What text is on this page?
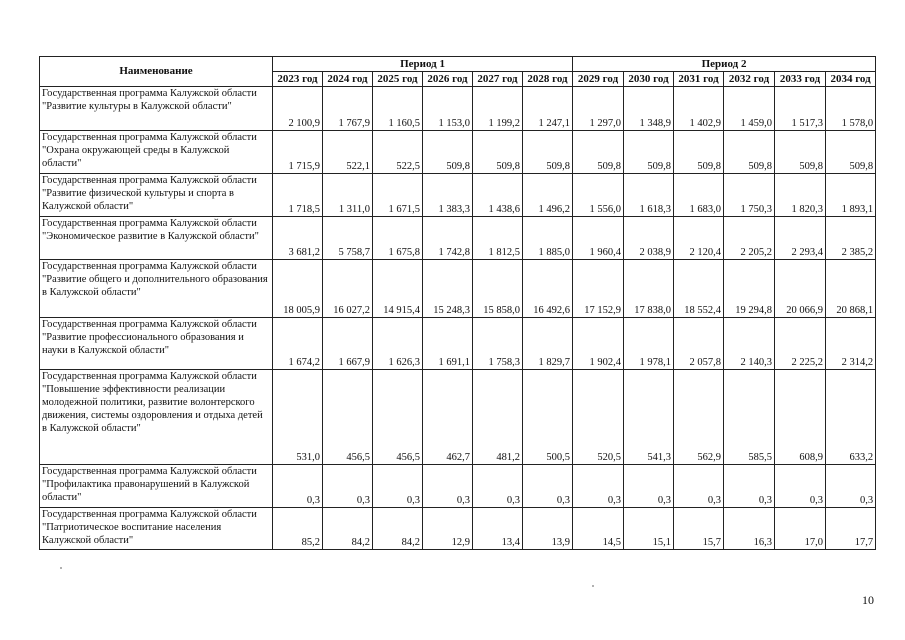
Наименование	Период 1						Период 2					
	2023 год	2024 год	2025 год	2026 год	2027 год	2028 год	2029 год	2030 год	2031 год	2032 год	2033 год	2034 год
Государственная программа Калужской области "Развитие культуры в Калужской области"	2 100,9	1 767,9	1 160,5	1 153,0	1 199,2	1 247,1	1 297,0	1 348,9	1 402,9	1 459,0	1 517,3	1 578,0
Государственная программа Калужской области "Охрана окружающей среды в Калужской области"	1 715,9	522,1	522,5	509,8	509,8	509,8	509,8	509,8	509,8	509,8	509,8	509,8
Государственная программа Калужской области "Развитие физической культуры и спорта в Калужской области"	1 718,5	1 311,0	1 671,5	1 383,3	1 438,6	1 496,2	1 556,0	1 618,3	1 683,0	1 750,3	1 820,3	1 893,1
Государственная программа Калужской области "Экономическое развитие в Калужской области"	3 681,2	5 758,7	1 675,8	1 742,8	1 812,5	1 885,0	1 960,4	2 038,9	2 120,4	2 205,2	2 293,4	2 385,2
Государственная программа Калужской области "Развитие общего и дополнительного образования в Калужской области"	18 005,9	16 027,2	14 915,4	15 248,3	15 858,0	16 492,6	17 152,9	17 838,0	18 552,4	19 294,8	20 066,9	20 868,1
Государственная программа Калужской области "Развитие профессионального образования и науки в Калужской области"	1 674,2	1 667,9	1 626,3	1 691,1	1 758,3	1 829,7	1 902,4	1 978,1	2 057,8	2 140,3	2 225,2	2 314,2
Государственная программа Калужской области "Повышение эффективности реализации молодежной политики, развитие волонтерского движения, системы оздоровления и отдыха детей в Калужской области"	531,0	456,5	456,5	462,7	481,2	500,5	520,5	541,3	562,9	585,5	608,9	633,2
Государственная программа Калужской области "Профилактика правонарушений в Калужской области"	0,3	0,3	0,3	0,3	0,3	0,3	0,3	0,3	0,3	0,3	0,3	0,3
Государственная программа Калужской области "Патриотическое воспитание населения Калужской области"	85,2	84,2	84,2	12,9	13,4	13,9	14,5	15,1	15,7	16,3	17,0	17,7
10
